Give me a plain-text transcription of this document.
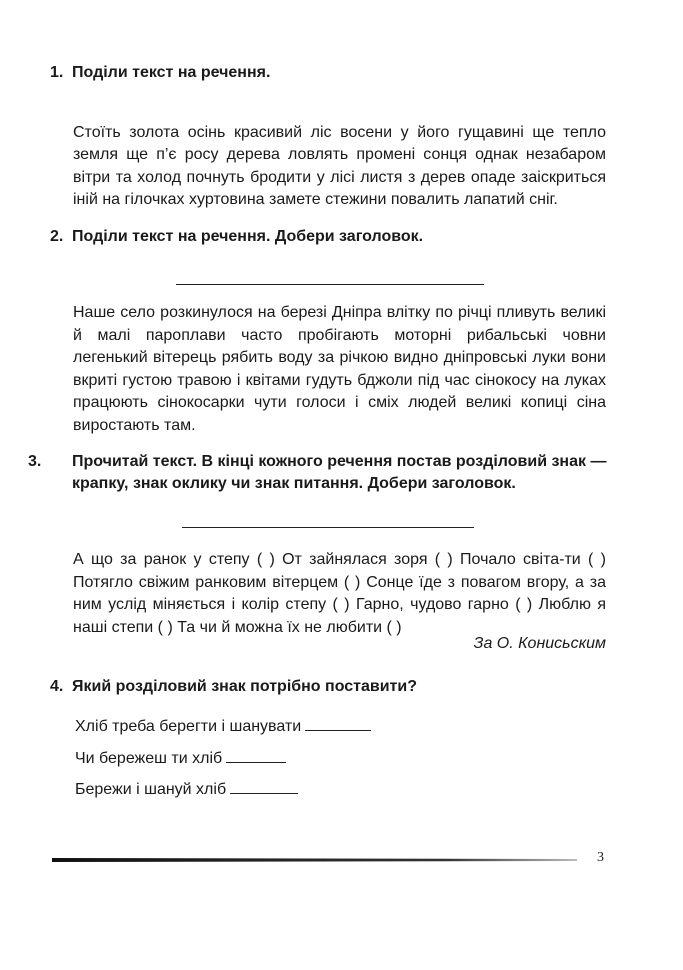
1. Поділи текст на речення.
Стоїть золота осінь красивий ліс восени у його гущавині ще тепло земля ще п’є росу дерева ловлять промені сонця однак незабаром вітри та холод почнуть бродити у лісі листя з дерев опаде заіскриться іній на гілочках хуртовина замете стежини повалить лапатий сніг.
2. Поділи текст на речення. Добери заголовок.
Наше село розкинулося на березі Дніпра влітку по річці пливуть великі й малі пароплави часто пробігають моторні рибальські човни легенький вітерець рябить воду за річкою видно дніпровські луки вони вкриті густою травою і квітами гудуть бджоли під час сінокосу на луках працюють сінокосарки чути голоси і сміх людей великі копиці сіна виростають там.
3. Прочитай текст. В кінці кожного речення постав розділовий знак — крапку, знак оклику чи знак питання. Добери заголовок.
А що за ранок у степу ( ) От зайнялася зоря ( ) Почало світа-ти ( ) Потягло свіжим ранковим вітерцем ( ) Сонце їде з повагом вгору, а за ним услід міняється і колір степу ( ) Гарно, чудово гарно ( ) Люблю я наші степи ( ) Та чи й можна їх не любити ( )
За О. Конисьским
4. Який розділовий знак потрібно поставити?
Хліб треба берегти і шанувати
Чи бережеш ти хліб
Бережи і шануй хліб
3
